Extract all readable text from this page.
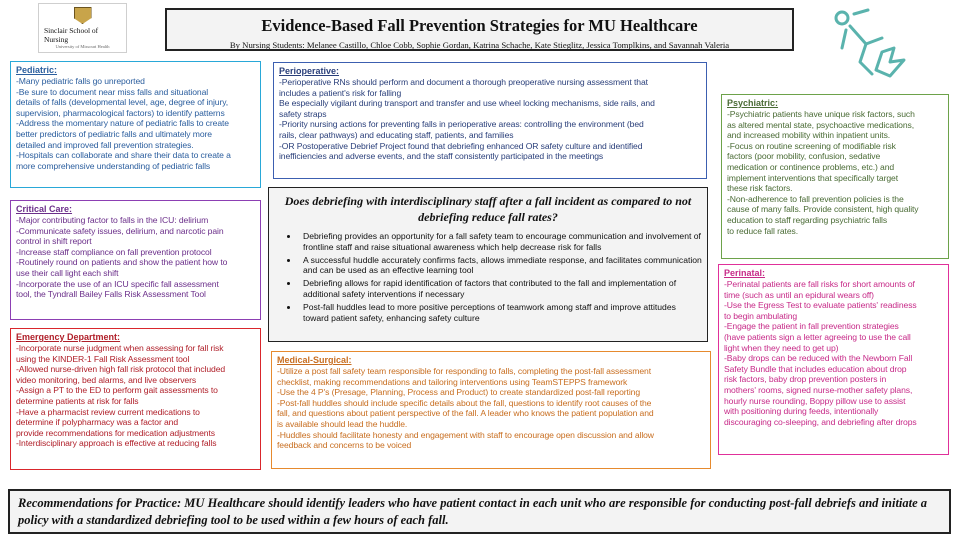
Sinclair School of Nursing
University of Missouri Health
Evidence-Based Fall Prevention Strategies for MU Healthcare
By Nursing Students: Melanee Castillo, Chloe Cobb, Sophie Gordan, Katrina Schache, Kate Stieglitz, Jessica Tomplkins, and Savannah Valeria
Pediatric:
-Many pediatric falls go unreported
-Be sure to document near miss falls and situational
details of falls (developmental level, age, degree of injury,
supervision, pharmacological factors) to identify patterns
-Address the momentary nature of pediatric falls to create
better predictors of pediatric falls and ultimately more
detailed and improved fall prevention strategies.
-Hospitals can collaborate and share their data to create a
more comprehensive understanding of pediatric falls
Perioperative:
-Perioperative RNs should perform and document a thorough preoperative nursing assessment that
includes a patient's risk for falling
Be especially vigilant during transport and transfer and use wheel locking mechanisms, side rails, and
safety straps
-Priority nursing actions for preventing falls in perioperative areas: controlling the environment (bed
rails, clear pathways) and educating staff, patients, and families
-OR Postoperative Debrief Project found that debriefing enhanced OR safety culture and identified
inefficiencies and adverse events, and the staff consistently participated in the meetings
Psychiatric:
-Psychiatric patients have unique risk factors, such
as altered mental state, psychoactive medications,
and increased mobility within inpatient units.
-Focus on routine screening of modifiable risk
factors (poor mobility, confusion, sedative
medication or continence problems, etc.) and
implement interventions that specifically target
these risk factors.
-Non-adherence to fall prevention policies is the
cause of many falls. Provide consistent, high quality
education to staff regarding psychiatric falls
to reduce fall rates.
Critical Care:
-Major contributing factor to falls in the ICU: delirium
-Communicate safety issues, delirium, and narcotic pain
control in shift report
-Increase staff compliance on fall prevention protocol
-Routinely round on patients and show the patient how to
use their call light each shift
-Incorporate the use of an ICU specific fall assessment
tool, the Tyndrall Bailey Falls Risk Assessment Tool
Emergency Department:
-Incorporate nurse judgment when assessing for fall risk
using the KINDER-1 Fall Risk Assessment tool
-Allowed nurse-driven high fall risk protocol that included
video monitoring, bed alarms, and live observers
-Assign a PT to the ED to perform gait assessments to
determine patients at risk for falls
-Have a pharmacist review current medications to
determine if polypharmacy was a factor and
provide recommendations for medication adjustments
-Interdisciplinary approach is effective at reducing falls
Perinatal:
-Perinatal patients are fall risks for short amounts of
time (such as until an epidural wears off)
-Use the Egress Test to evaluate patients' readiness
to begin ambulating
-Engage the patient in fall prevention strategies
(have patients sign a letter agreeing to use the call
light when they need to get up)
-Baby drops can be reduced with the Newborn Fall
Safety Bundle that includes education about drop
risk factors, baby drop prevention posters in
mothers' rooms, signed nurse-mother safety plans,
hourly nurse rounding, Boppy pillow use to assist
with positioning during feeds, intentionally
discouraging co-sleeping, and debriefing after drops
Medical-Surgical:
-Utilize a post fall safety team responsible for responding to falls, completing the post-fall assessment
checklist, making recommendations and tailoring interventions using TeamSTEPPS framework
-Use the 4 P's (Presage, Planning, Process and Product) to create standardized post-fall reporting
-Post-fall huddles should include specific details about the fall, questions to identify root causes of the
fall, and questions about patient perspective of the fall. A leader who knows the patient population and
is available should lead the huddle.
-Huddles should facilitate honesty and engagement with staff to encourage open discussion and allow
feedback and concerns to be voiced
Does debriefing with interdisciplinary staff after a fall incident as compared to not debriefing reduce fall rates?
• Debriefing provides an opportunity for a fall safety team to encourage communication and involvement of frontline staff and raise situational awareness which help decrease risk for falls
• A successful huddle accurately confirms facts, allows immediate response, and facilitates communication and can be used as an effective learning tool
• Debriefing allows for rapid identification of factors that contributed to the fall and implementation of additional safety interventions if necessary
• Post-fall huddles lead to more positive perceptions of teamwork among staff and improve attitudes toward patient safety, enhancing safety culture
Recommendations for Practice: MU Healthcare should identify leaders who have patient contact in each unit who are responsible for conducting post-fall debriefs and initiate a policy with a standardized debriefing tool to be used within a few hours of each fall.
